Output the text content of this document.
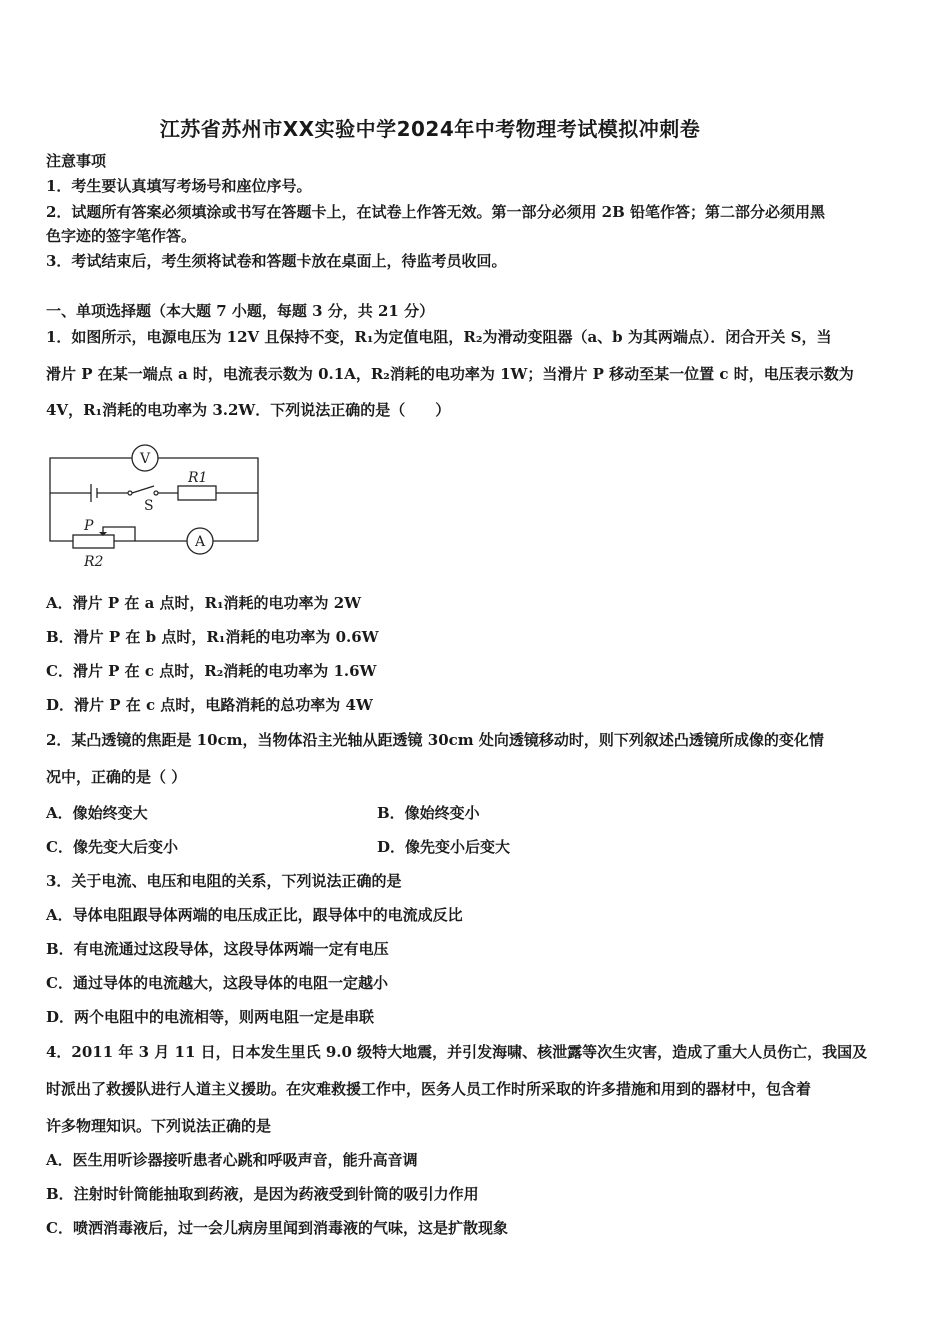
江苏省苏州市XX实验中学2024年中考物理考试模拟冲刺卷
注意事项
1．考生要认真填写考场号和座位序号。
2．试题所有答案必须填涂或书写在答题卡上，在试卷上作答无效。第一部分必须用 2B 铅笔作答；第二部分必须用黑
色字迹的签字笔作答。
3．考试结束后，考生须将试卷和答题卡放在桌面上，待监考员收回。
一、单项选择题（本大题 7 小题，每题 3 分，共 21 分）
1．如图所示，电源电压为 12V 且保持不变，R₁为定值电阻，R₂为滑动变阻器（a、b 为其两端点）．闭合开关 S，当
滑片 P 在某一端点 a 时，电流表示数为 0.1A，R₂消耗的电功率为 1W；当滑片 P 移动至某一位置 c 时，电压表示数为
4V，R₁消耗的电功率为 3.2W．下列说法正确的是（　　）
A．滑片 P 在 a 点时，R₁消耗的电功率为 2W
B．滑片 P 在 b 点时，R₁消耗的电功率为 0.6W
C．滑片 P 在 c 点时，R₂消耗的电功率为 1.6W
D．滑片 P 在 c 点时，电路消耗的总功率为 4W
2．某凸透镜的焦距是 10cm，当物体沿主光轴从距透镜 30cm 处向透镜移动时，则下列叙述凸透镜所成像的变化情
况中，正确的是（ ）
A．像始终变大	B．像始终变小
C．像先变大后变小	D．像先变小后变大
3．关于电流、电压和电阻的关系，下列说法正确的是
A．导体电阻跟导体两端的电压成正比，跟导体中的电流成反比
B．有电流通过这段导体，这段导体两端一定有电压
C．通过导体的电流越大，这段导体的电阻一定越小
D．两个电阻中的电流相等，则两电阻一定是串联
4．2011 年 3 月 11 日，日本发生里氏 9.0 级特大地震，并引发海啸、核泄露等次生灾害，造成了重大人员伤亡，我国及
时派出了救援队进行人道主义援助。在灾难救援工作中，医务人员工作时所采取的许多措施和用到的器材中，包含着
许多物理知识。下列说法正确的是
A．医生用听诊器接听患者心跳和呼吸声音，能升高音调
B．注射时针筒能抽取到药液，是因为药液受到针筒的吸引力作用
C．喷洒消毒液后，过一会儿病房里闻到消毒液的气味，这是扩散现象
V
A
S
R1
R2
P
